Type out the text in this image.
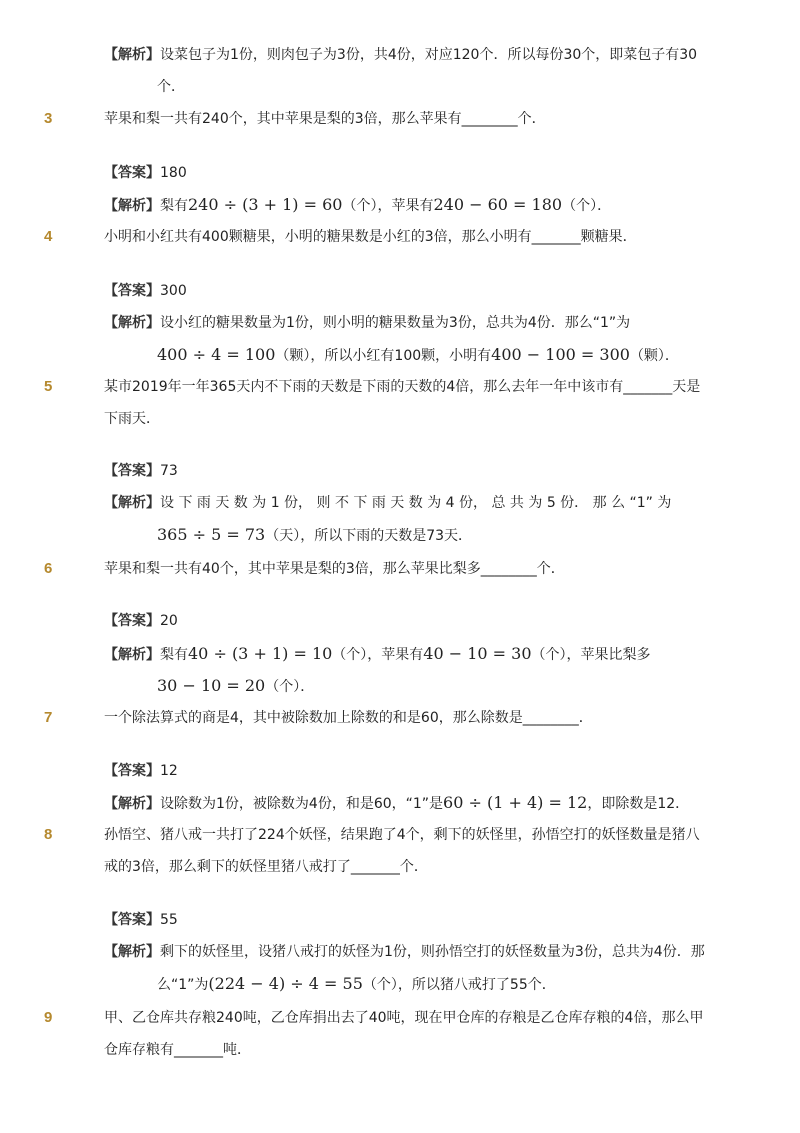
【解析】设菜包子为1份，则肉包子为3份，共4份，对应120个．所以每份30个，即菜包子有30
个．
3	苹果和梨一共有240个，其中苹果是梨的3倍，那么苹果有________个．
【答案】180
【解析】梨有240 ÷ (3 + 1) = 60（个），苹果有240 − 60 = 180（个）．
4	小明和小红共有400颗糖果，小明的糖果数是小红的3倍，那么小明有_______颗糖果．
【答案】300
【解析】设小红的糖果数量为1份，则小明的糖果数量为3份，总共为4份．那么“1”为
400 ÷ 4 = 100（颗），所以小红有100颗，小明有400 − 100 = 300（颗）．
5	某市2019年一年365天内不下雨的天数是下雨的天数的4倍，那么去年一年中该市有_______天是
下雨天．
【答案】73
【解析】设 下 雨 天 数 为 1 份， 则 不 下 雨 天 数 为 4 份， 总 共 为 5 份． 那 么 “1” 为
365 ÷ 5 = 73（天），所以下雨的天数是73天．
6	苹果和梨一共有40个，其中苹果是梨的3倍，那么苹果比梨多________个．
【答案】20
【解析】梨有40 ÷ (3 + 1) = 10（个），苹果有40 − 10 = 30（个），苹果比梨多
30 − 10 = 20（个）．
7	一个除法算式的商是4，其中被除数加上除数的和是60，那么除数是________．
【答案】12
【解析】设除数为1份，被除数为4份，和是60，“1”是60 ÷ (1 + 4) = 12，即除数是12．
8	孙悟空、猪八戒一共打了224个妖怪，结果跑了4个，剩下的妖怪里，孙悟空打的妖怪数量是猪八
戒的3倍，那么剩下的妖怪里猪八戒打了_______个．
【答案】55
【解析】剩下的妖怪里，设猪八戒打的妖怪为1份，则孙悟空打的妖怪数量为3份，总共为4份．那
么“1”为(224 − 4) ÷ 4 = 55（个），所以猪八戒打了55个．
9	甲、乙仓库共存粮240吨，乙仓库捐出去了40吨，现在甲仓库的存粮是乙仓库存粮的4倍，那么甲
仓库存粮有_______吨．
